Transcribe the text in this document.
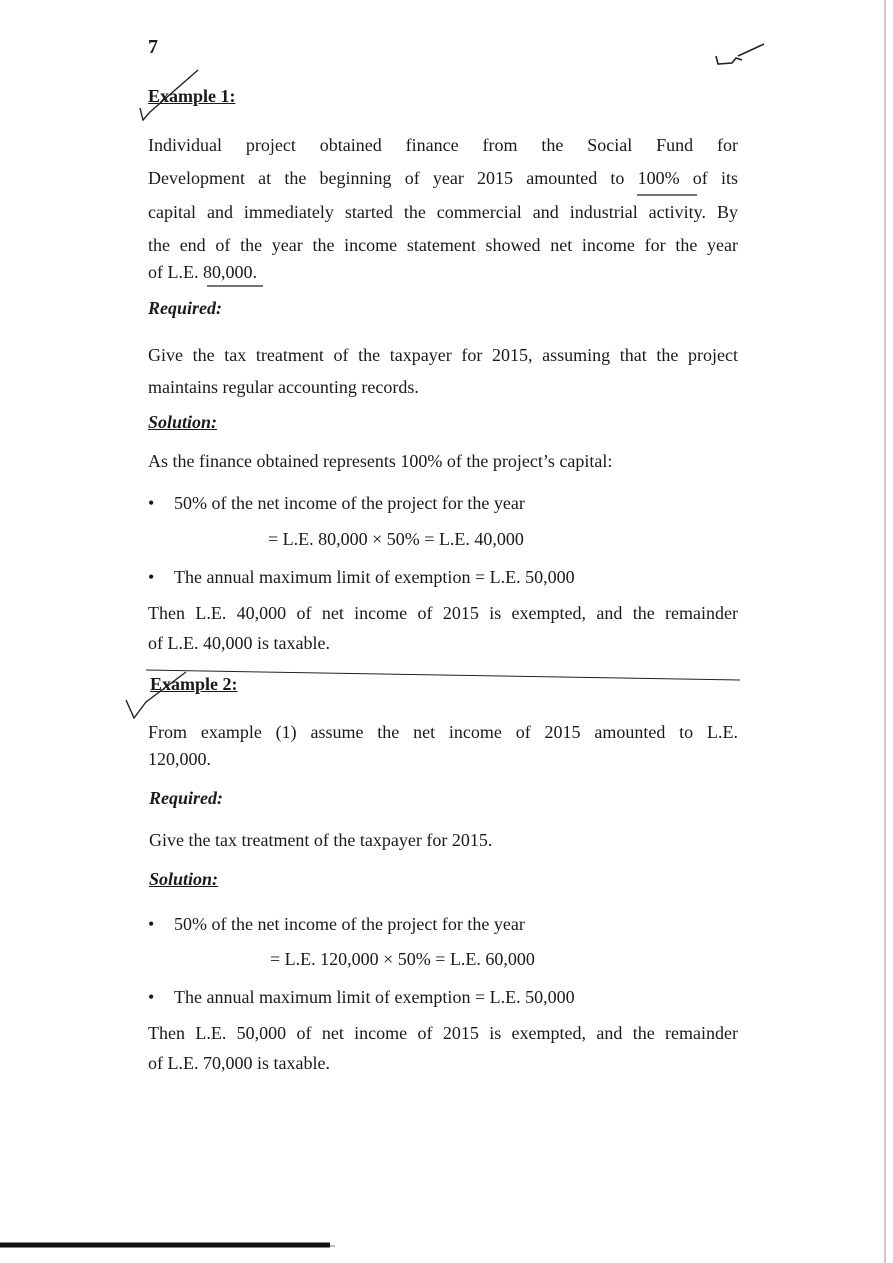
7
Example 1:
Individual project obtained finance from the Social Fund for
Development at the beginning of year 2015 amounted to 100% of its
capital and immediately started the commercial and industrial activity. By
the end of the year the income statement showed net income for the year
of L.E. 80,000.
Required:
Give the tax treatment of the taxpayer for 2015, assuming that the project
maintains regular accounting records.
Solution:
As the finance obtained represents 100% of the project’s capital:
• 50% of the net income of the project for the year
= L.E. 80,000 × 50% = L.E. 40,000
• The annual maximum limit of exemption = L.E. 50,000
Then L.E. 40,000 of net income of 2015 is exempted, and the remainder
of L.E. 40,000 is taxable.
Example 2:
From example (1) assume the net income of 2015 amounted to L.E.
120,000.
Required:
Give the tax treatment of the taxpayer for 2015.
Solution:
• 50% of the net income of the project for the year
= L.E. 120,000 × 50% = L.E. 60,000
• The annual maximum limit of exemption = L.E. 50,000
Then L.E. 50,000 of net income of 2015 is exempted, and the remainder
of L.E. 70,000 is taxable.
